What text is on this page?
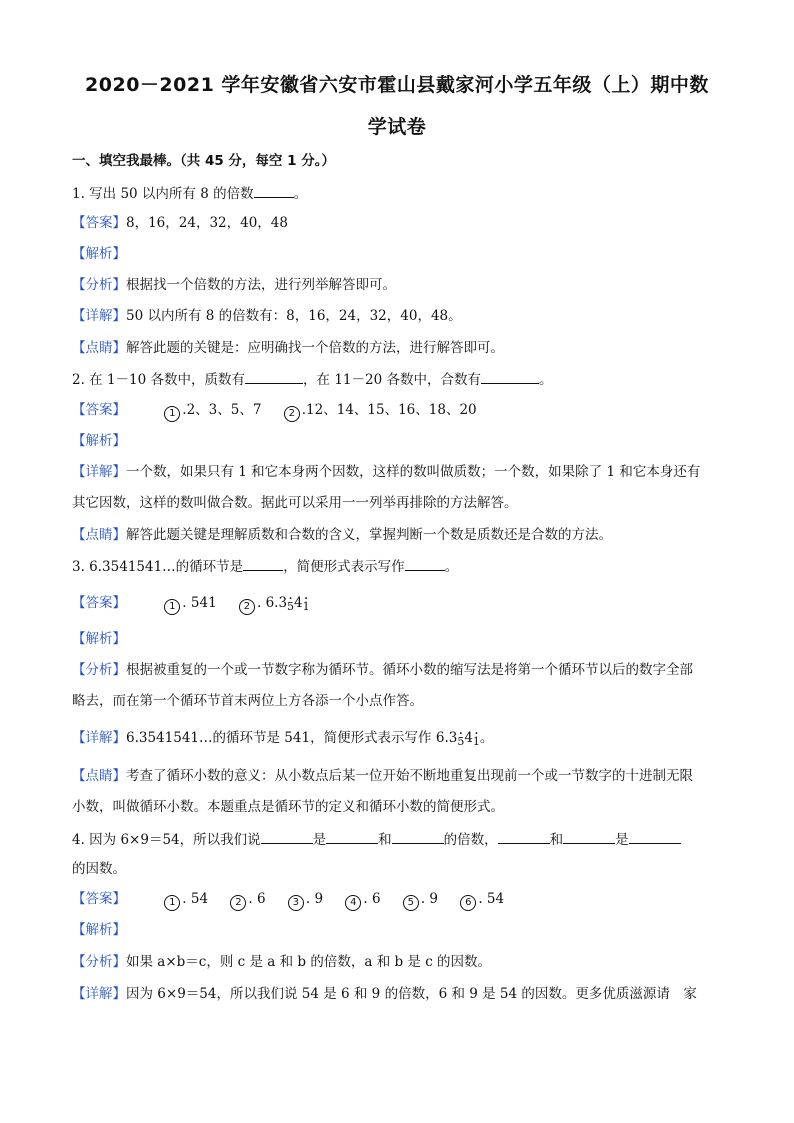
2020－2021 学年安徽省六安市霍山县戴家河小学五年级（上）期中数
学试卷
一、填空我最棒。（共 45 分，每空 1 分。）
1. 写出 50 以内所有 8 的倍数	。
【答案】8，16，24，32，40，48
【解析】
【分析】根据找一个倍数的方法，进行列举解答即可。
【详解】50 以内所有 8 的倍数有：8，16，24，32，40，48。
【点睛】解答此题的关键是：应明确找一个倍数的方法，进行解答即可。
2. 在 1－10 各数中，质数有	，在 11－20 各数中，合数有	。
【答案】	1 .2、3、5、7	2 .12、14、15、16、18、20
【解析】
【详解】一个数，如果只有 1 和它本身两个因数，这样的数叫做质数；一个数，如果除了 1 和它本身还有
其它因数，这样的数叫做合数。据此可以采用一一列举再排除的方法解答。
【点睛】解答此题关键是理解质数和合数的含义，掌握判断一个数是质数还是合数的方法。
3. 6.3541541…的循环节是	，简便形式表示写作	。
【答案】	1 . 541	2 . $6.3_5 \cdot 4_1$ ·
【解析】
【分析】根据被重复的一个或一节数字称为循环节。循环小数的缩写法是将第一个循环节以后的数字全部
略去，而在第一个循环节首末两位上方各添一个小点作答。
【详解】6.3541541…的循环节是 541，简便形式表示写作 $6.3_5 \cdot 4_1$ ·。
【点睛】考查了循环小数的意义：从小数点后某一位开始不断地重复出现前一个或一节数字的十进制无限
小数，叫做循环小数。本题重点是循环节的定义和循环小数的简便形式。
4. 因为 6×9＝54，所以我们说	是	和	的倍数，	和	是
的因数。
【答案】	1 . 54	2 . 6	3 . 9	4 . 6	5 . 9	6 . 54
【解析】
【分析】如果 a×b＝c，则 c 是 a 和 b 的倍数，a 和 b 是 c 的因数。
【详解】因为 6×9＝54，所以我们说 54 是 6 和 9 的倍数，6 和 9 是 54 的因数。更多优质滋源请　家
